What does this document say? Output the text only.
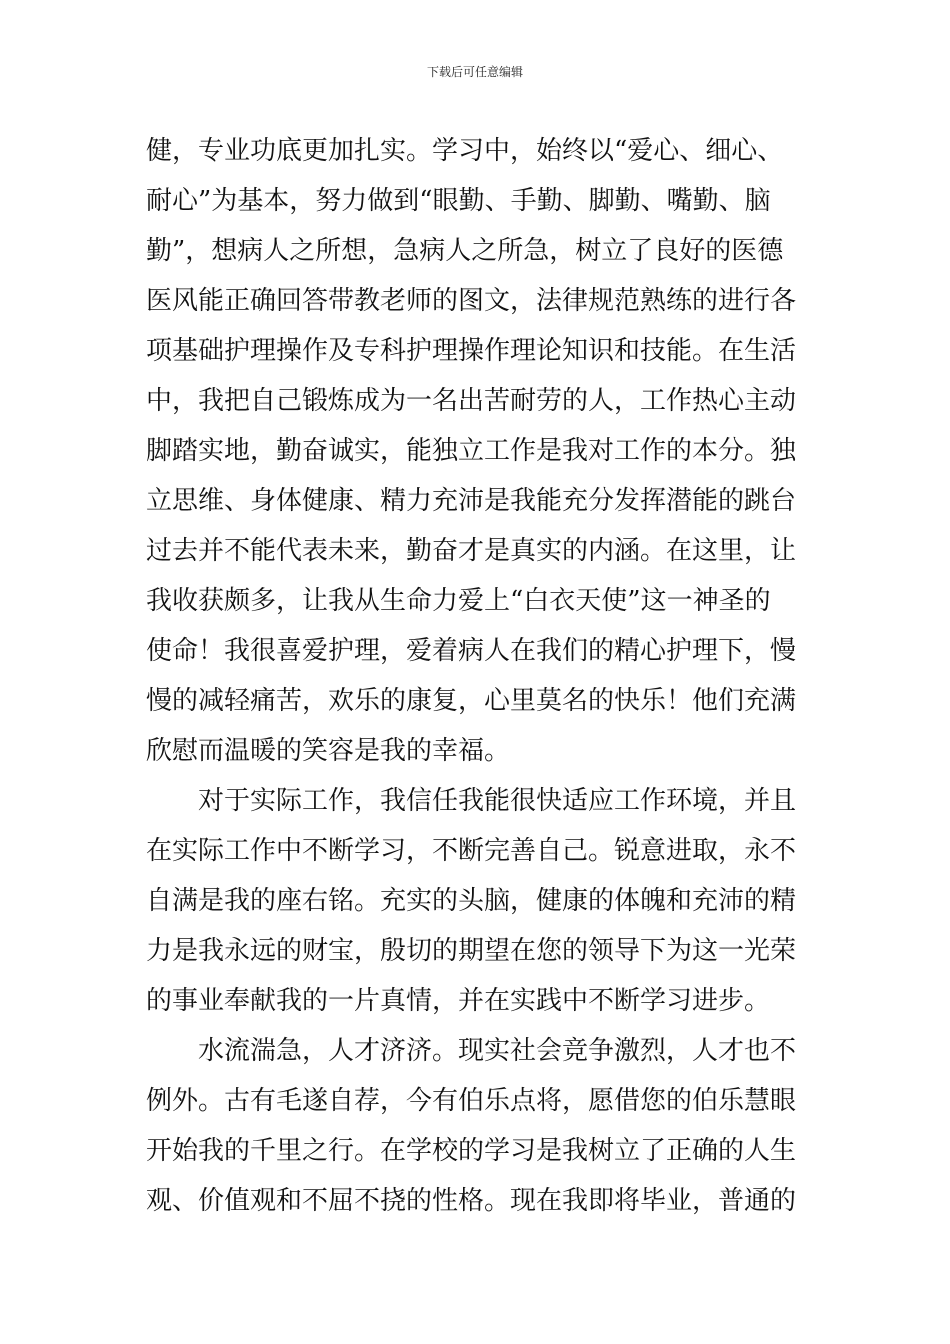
下载后可任意编辑
健，专业功底更加扎实。学习中，始终以“爱心、细心、
耐心”为基本，努力做到“眼勤、手勤、脚勤、嘴勤、脑
勤”，想病人之所想，急病人之所急，树立了良好的医德
医风能正确回答带教老师的图文，法律规范熟练的进行各
项基础护理操作及专科护理操作理论知识和技能。在生活
中，我把自己锻炼成为一名出苦耐劳的人，工作热心主动
脚踏实地，勤奋诚实，能独立工作是我对工作的本分。独
立思维、身体健康、精力充沛是我能充分发挥潜能的跳台
过去并不能代表未来，勤奋才是真实的内涵。在这里，让
我收获颇多，让我从生命力爱上“白衣天使”这一神圣的
使命！我很喜爱护理，爱着病人在我们的精心护理下，慢
慢的减轻痛苦，欢乐的康复，心里莫名的快乐！他们充满
欣慰而温暖的笑容是我的幸福。
对于实际工作，我信任我能很快适应工作环境，并且
在实际工作中不断学习，不断完善自己。锐意进取，永不
自满是我的座右铭。充实的头脑，健康的体魄和充沛的精
力是我永远的财宝，殷切的期望在您的领导下为这一光荣
的事业奉献我的一片真情，并在实践中不断学习进步。
水流湍急，人才济济。现实社会竞争激烈，人才也不
例外。古有毛遂自荐，今有伯乐点将，愿借您的伯乐慧眼
开始我的千里之行。在学校的学习是我树立了正确的人生
观、价值观和不屈不挠的性格。现在我即将毕业，普通的
